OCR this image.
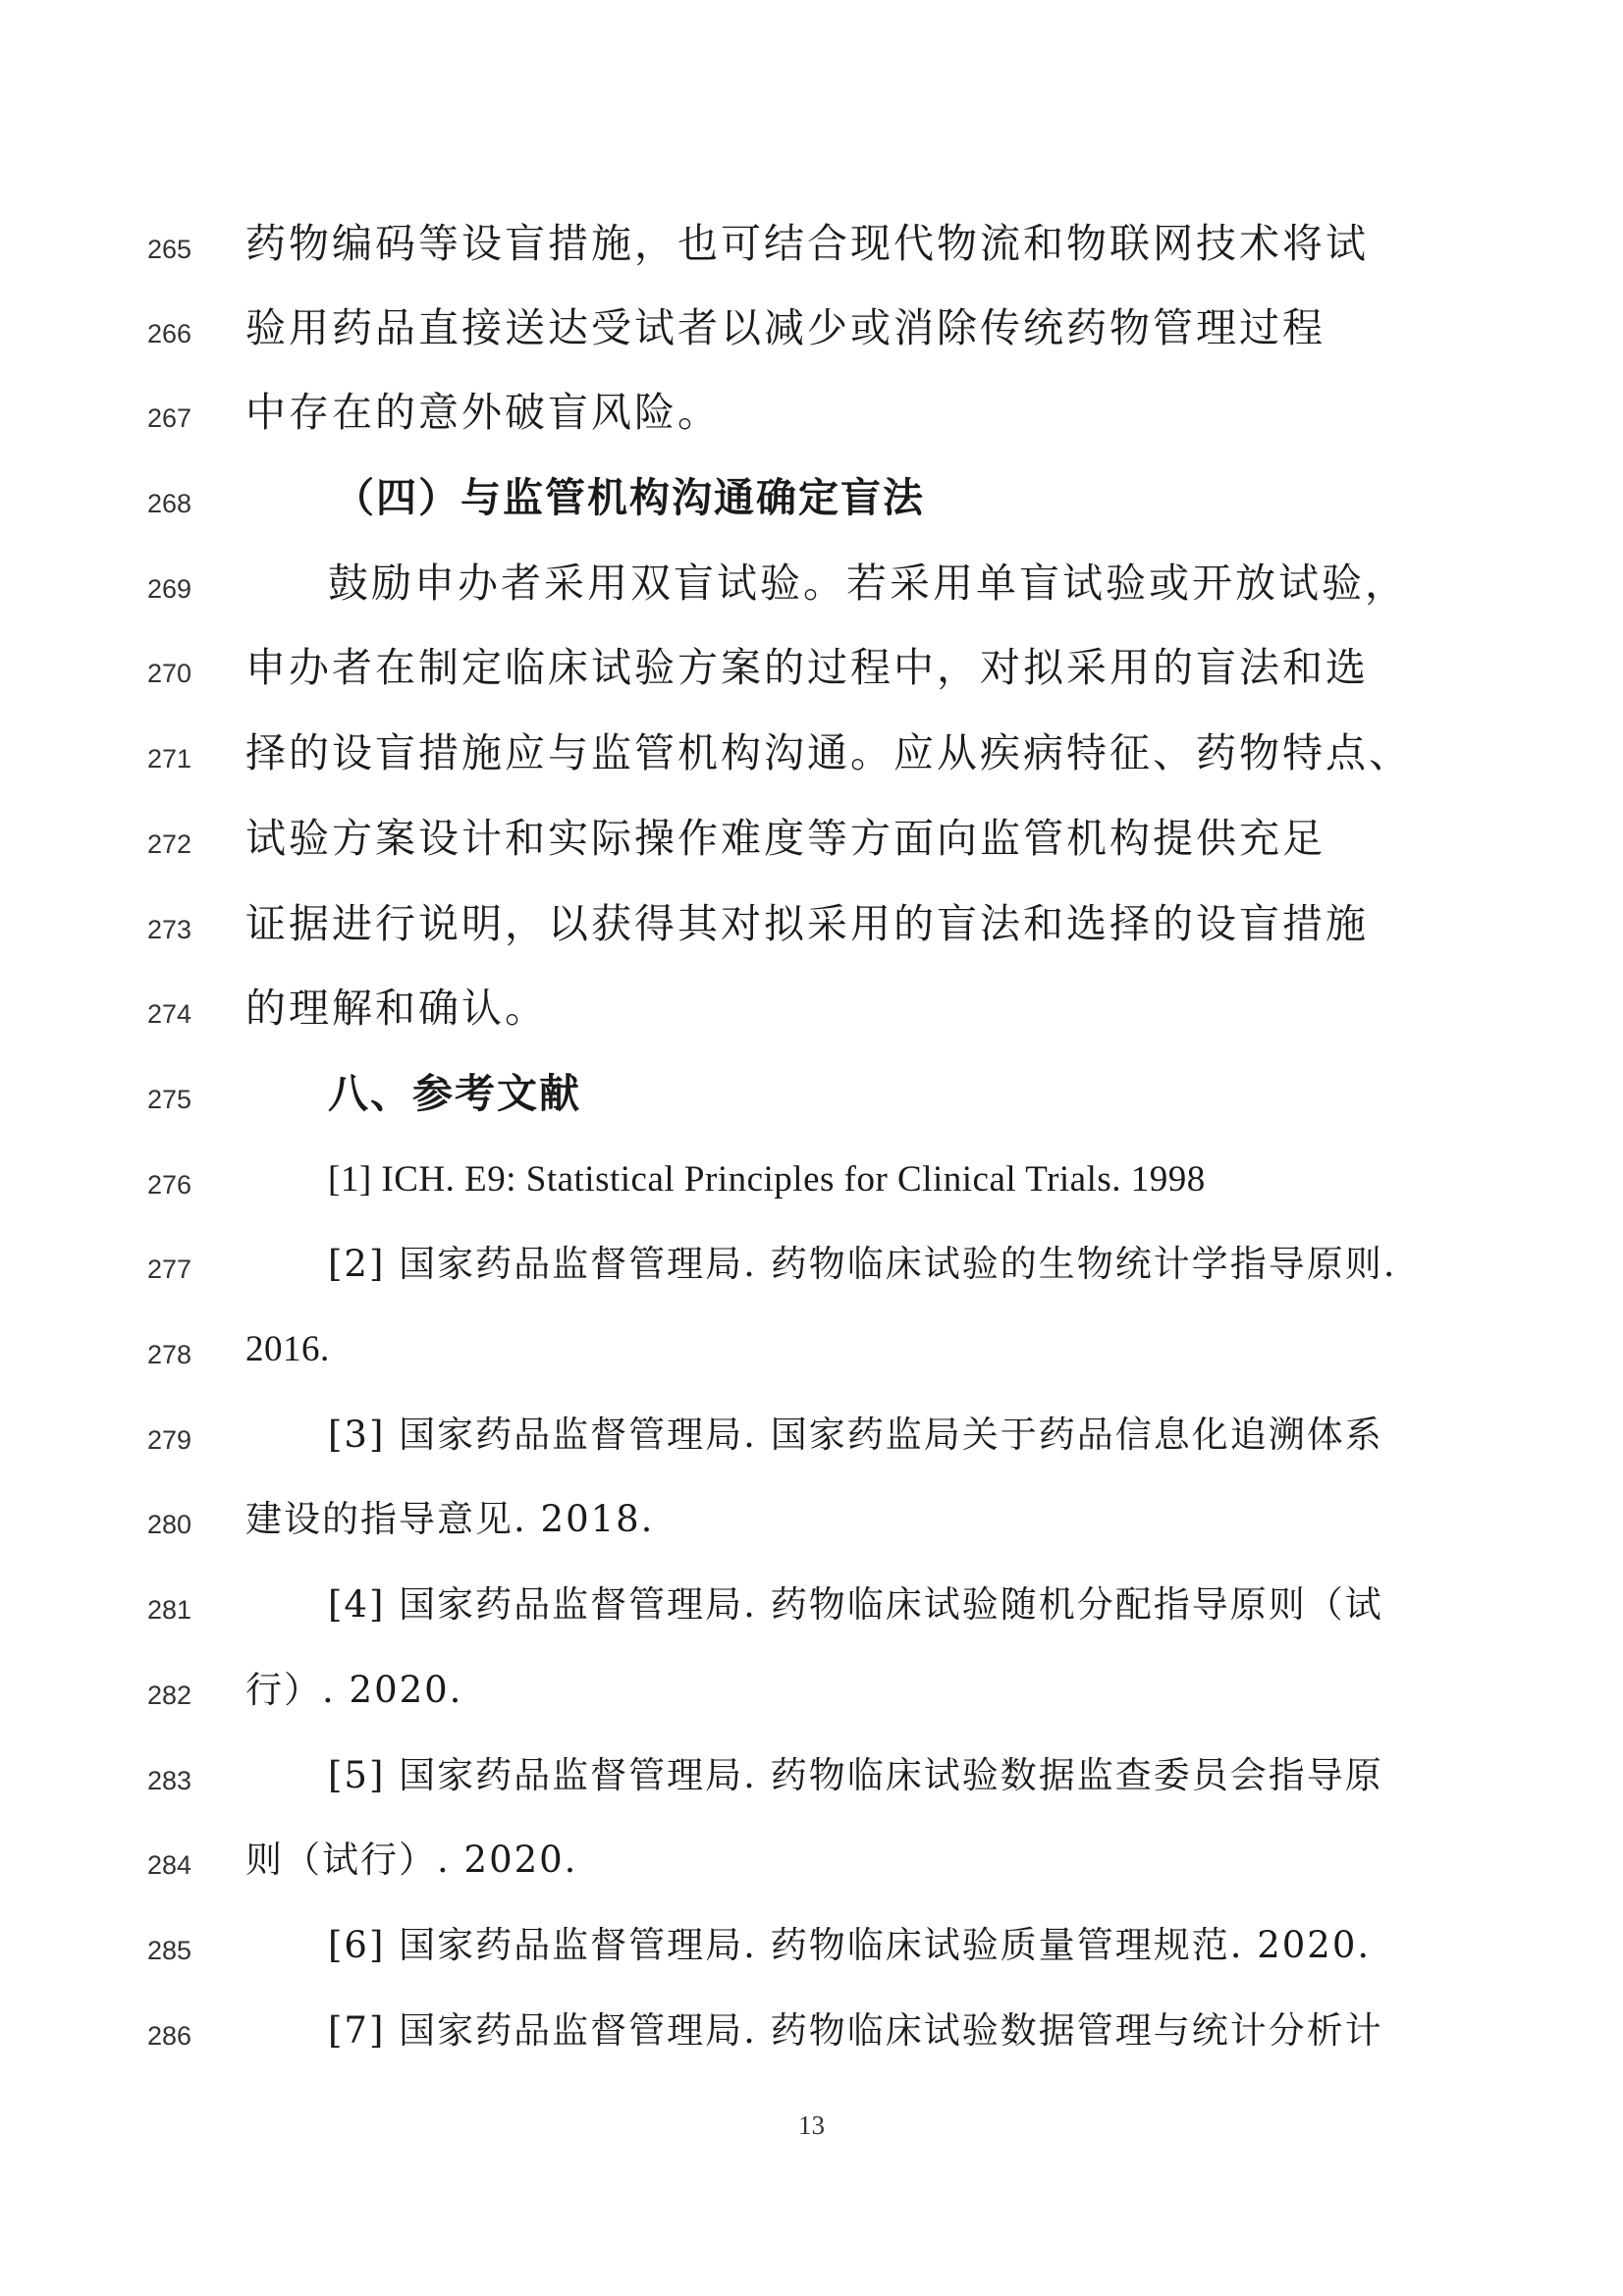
265	药物编码等设盲措施，也可结合现代物流和物联网技术将试
266	验用药品直接送达受试者以减少或消除传统药物管理过程
267	中存在的意外破盲风险。
268	（四）与监管机构沟通确定盲法
269	鼓励申办者采用双盲试验。若采用单盲试验或开放试验，
270	申办者在制定临床试验方案的过程中，对拟采用的盲法和选
271	择的设盲措施应与监管机构沟通。应从疾病特征、药物特点、
272	试验方案设计和实际操作难度等方面向监管机构提供充足
273	证据进行说明，以获得其对拟采用的盲法和选择的设盲措施
274	的理解和确认。
275	八、参考文献
276	[1] ICH. E9: Statistical Principles for Clinical Trials. 1998
277	[2] 国家药品监督管理局. 药物临床试验的生物统计学指导原则.
278	2016.
279	[3] 国家药品监督管理局. 国家药监局关于药品信息化追溯体系
280	建设的指导意见. 2018.
281	[4] 国家药品监督管理局. 药物临床试验随机分配指导原则（试
282	行）. 2020.
283	[5] 国家药品监督管理局. 药物临床试验数据监查委员会指导原
284	则（试行）. 2020.
285	[6] 国家药品监督管理局. 药物临床试验质量管理规范. 2020.
286	[7] 国家药品监督管理局. 药物临床试验数据管理与统计分析计
13
